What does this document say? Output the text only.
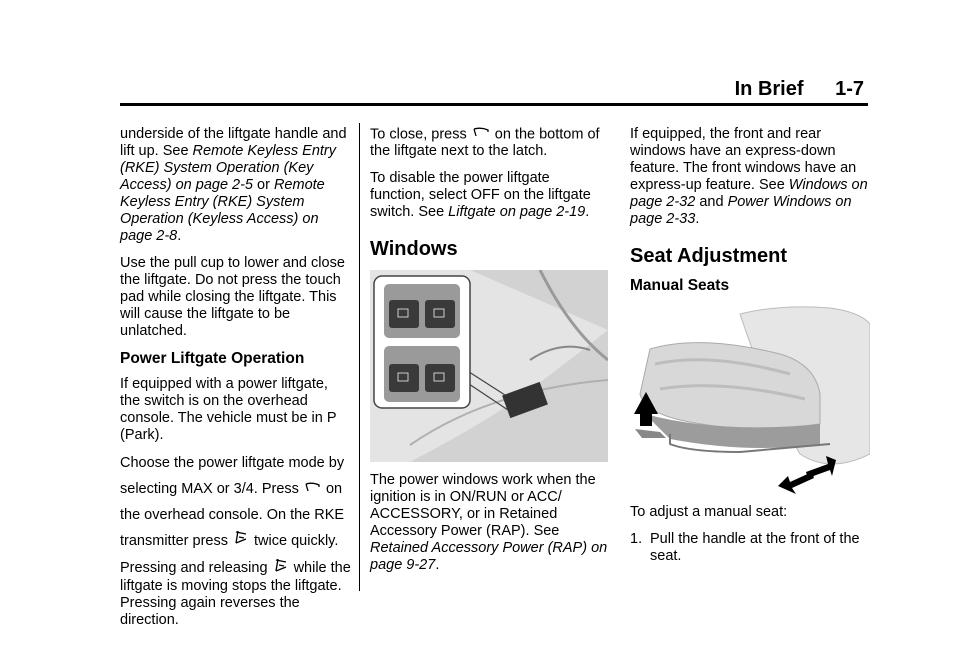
In Brief 1-7

underside of the liftgate handle and lift up. See Remote Keyless Entry (RKE) System Operation (Key Access) on page 2-5 or Remote Keyless Entry (RKE) System Operation (Keyless Access) on page 2-8.

Use the pull cup to lower and close the liftgate. Do not press the touch pad while closing the liftgate. This will cause the liftgate to be unlatched.

Power Liftgate Operation

If equipped with a power liftgate, the switch is on the overhead console. The vehicle must be in P (Park).

Choose the power liftgate mode by selecting MAX or 3/4. Press  on the overhead console. On the RKE transmitter press  twice quickly.

Pressing and releasing  while the liftgate is moving stops the liftgate. Pressing again reverses the direction.

To close, press  on the bottom of the liftgate next to the latch.

To disable the power liftgate function, select OFF on the liftgate switch. See Liftgate on page 2-19.

Windows

The power windows work when the ignition is in ON/RUN or ACC/ ACCESSORY, or in Retained Accessory Power (RAP). See Retained Accessory Power (RAP) on page 9-27.

If equipped, the front and rear windows have an express-down feature. The front windows have an express-up feature. See Windows on page 2-32 and Power Windows on page 2-33.

Seat Adjustment
Manual Seats

To adjust a manual seat:

1. Pull the handle at the front of the seat.
